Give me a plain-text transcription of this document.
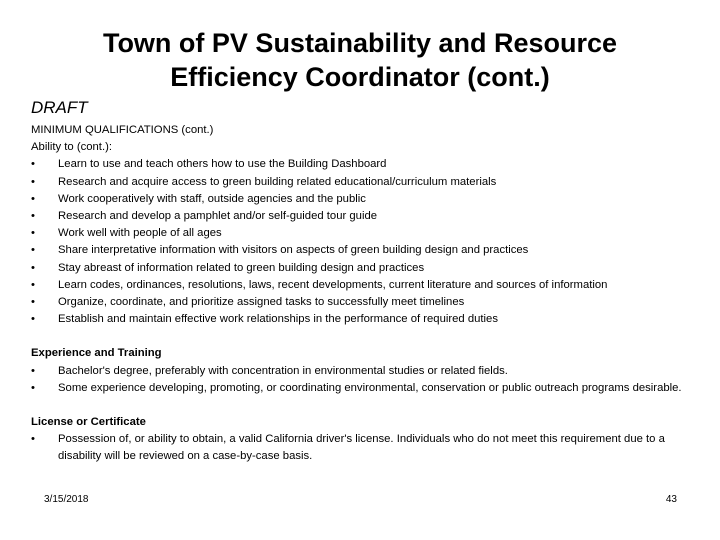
Town of PV Sustainability and Resource
Efficiency Coordinator (cont.)
DRAFT
MINIMUM QUALIFICATIONS (cont.)
Ability to (cont.):
• Learn to use and teach others how to use the Building Dashboard
• Research and acquire access to green building related educational/curriculum materials
• Work cooperatively with staff, outside agencies and the public
• Research and develop a pamphlet and/or self-guided tour guide
• Work well with people of all ages
• Share interpretative information with visitors on aspects of green building design and practices
• Stay abreast of information related to green building design and practices
• Learn codes, ordinances, resolutions, laws, recent developments, current literature and sources of information
• Organize, coordinate, and prioritize assigned tasks to successfully meet timelines
• Establish and maintain effective work relationships in the performance of required duties
Experience and Training
• Bachelor's degree, preferably with concentration in environmental studies or related fields.
• Some experience developing, promoting, or coordinating environmental, conservation or public outreach programs desirable.
License or Certificate
• Possession of, or ability to obtain, a valid California driver's license. Individuals who do not meet this requirement due to a disability will be reviewed on a case-by-case basis.
3/15/2018	43
